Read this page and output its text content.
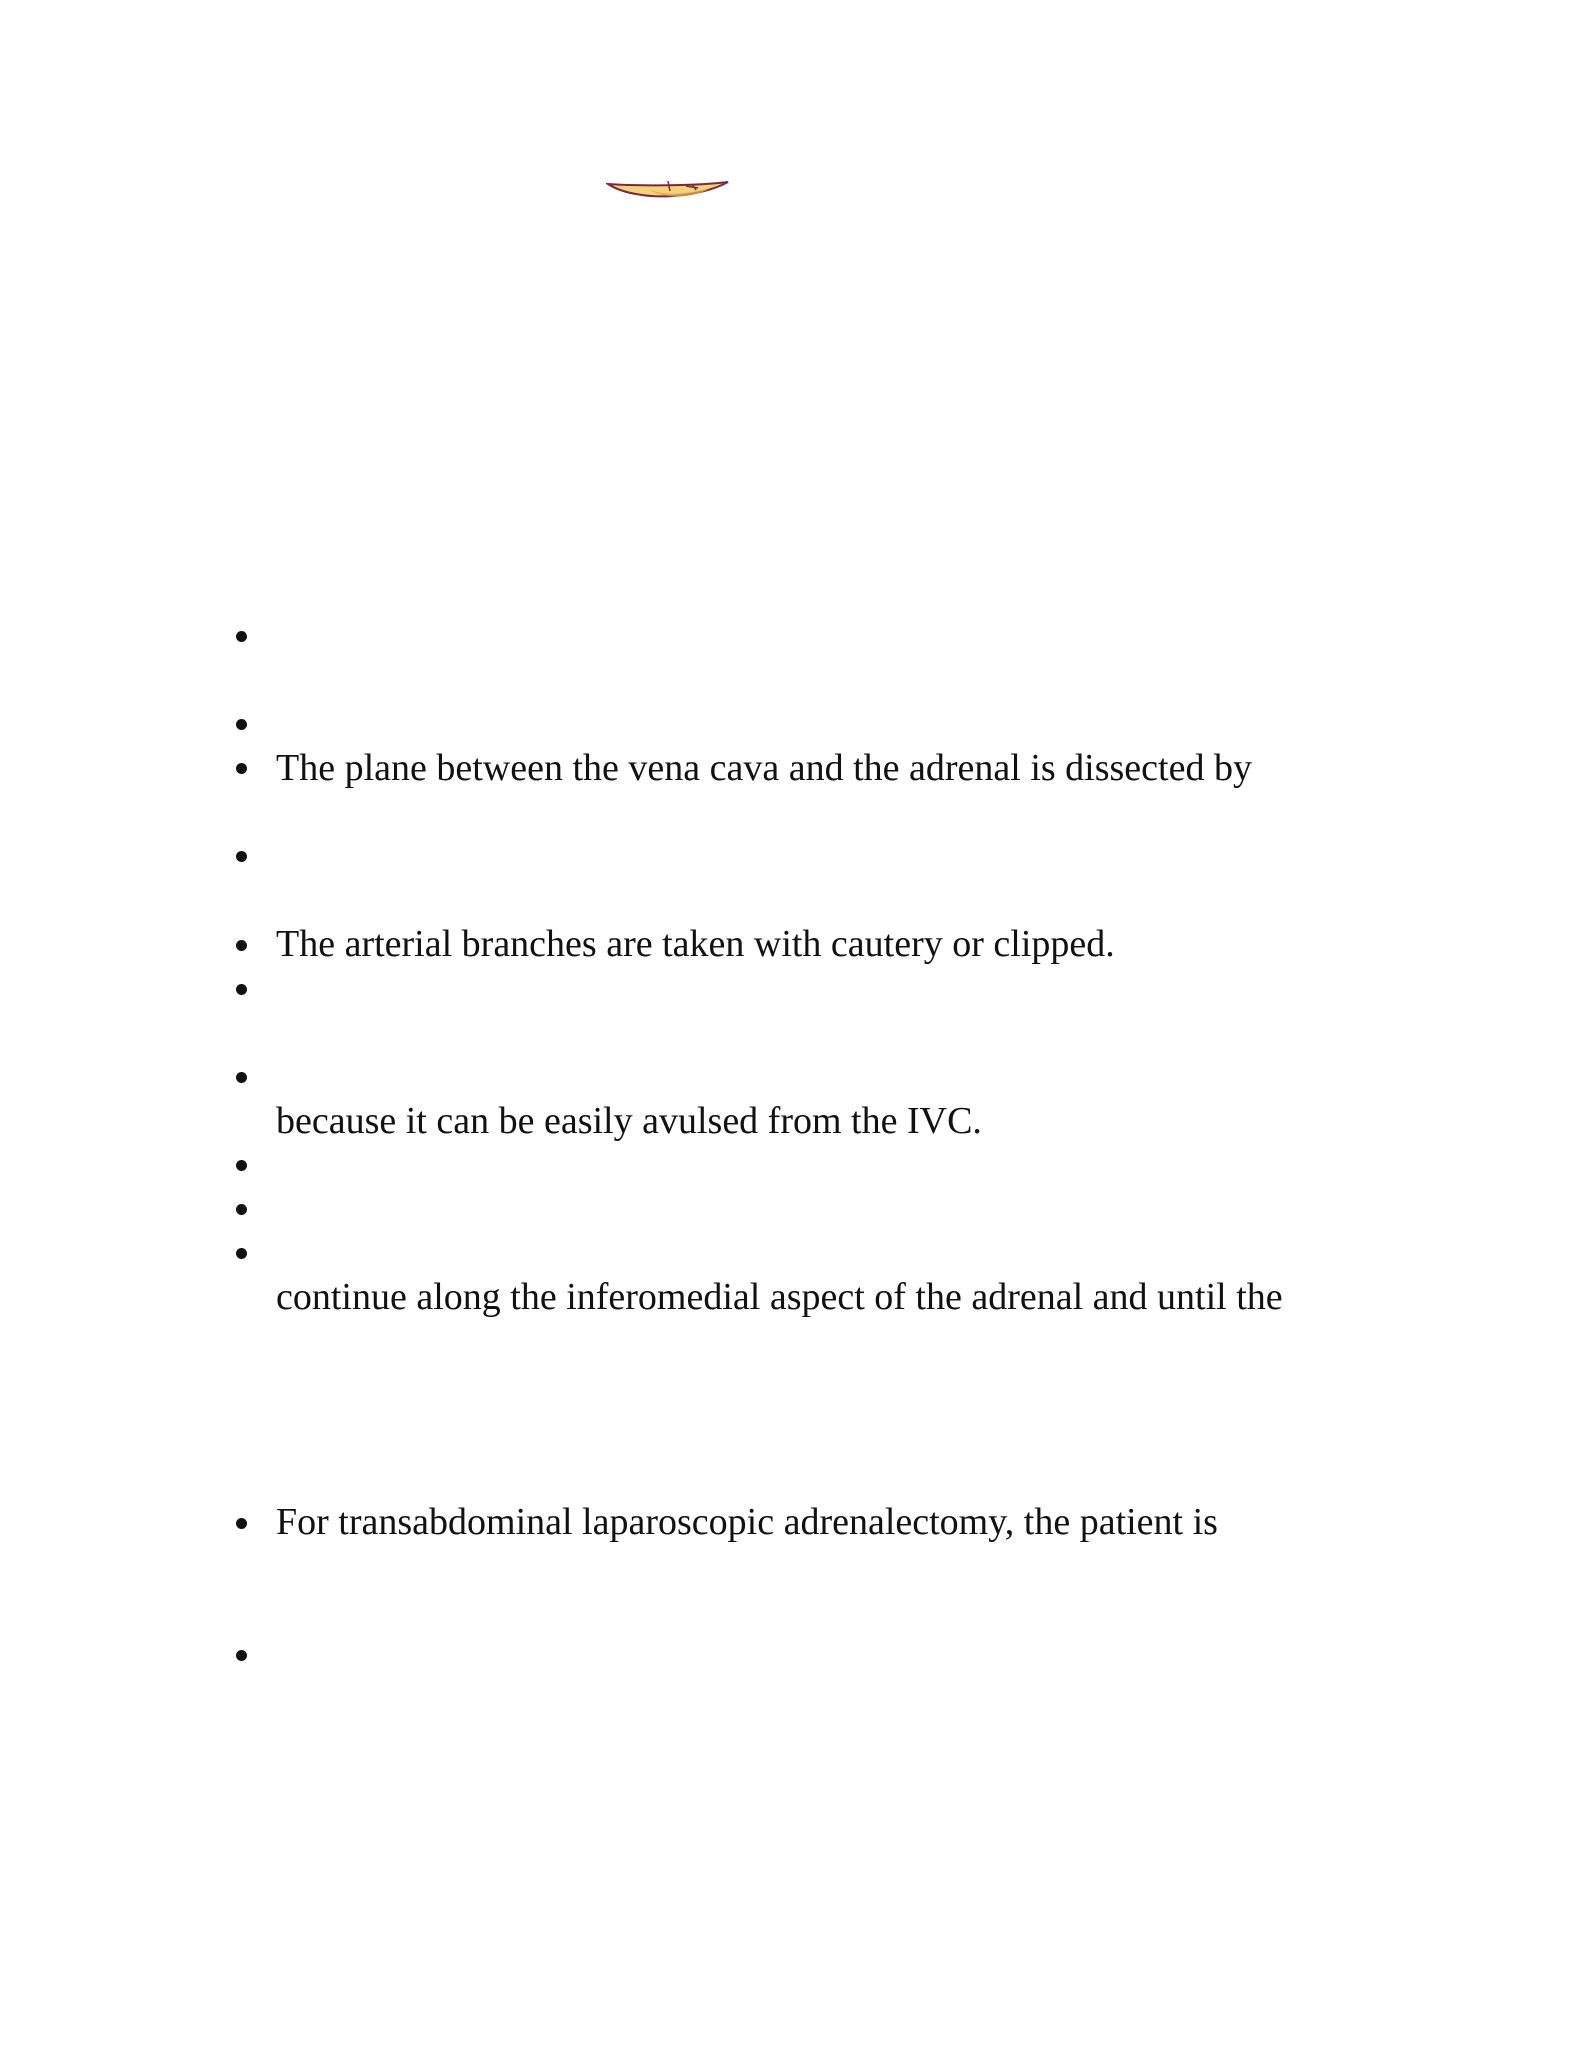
The plane between the vena cava and the adrenal is dissected by
The arterial branches are taken with cautery or clipped.
because it can be easily avulsed from the IVC.
continue along the inferomedial aspect of the adrenal and until the
For transabdominal laparoscopic adrenalectomy, the patient is
